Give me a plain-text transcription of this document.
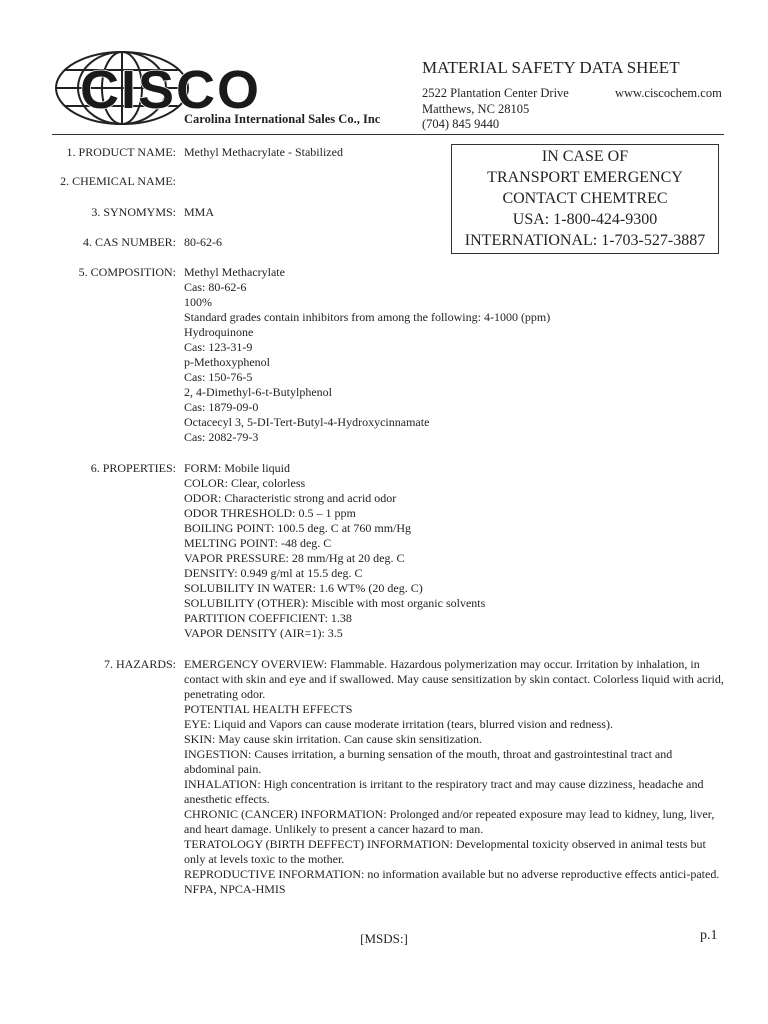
CISCO
Carolina International Sales Co., Inc
MATERIAL SAFETY DATA SHEET
2522 Plantation Center Drive
Matthews, NC 28105
(704) 845 9440
www.ciscochem.com
IN CASE OF
TRANSPORT EMERGENCY
CONTACT CHEMTREC
USA: 1-800-424-9300
INTERNATIONAL: 1-703-527-3887
1. PRODUCT NAME: Methyl Methacrylate - Stabilized
2. CHEMICAL NAME:
3. SYNOMYMS: MMA
4. CAS NUMBER: 80-62-6
5. COMPOSITION: Methyl Methacrylate
Cas: 80-62-6
100%
Standard grades contain inhibitors from among the following: 4-1000 (ppm)
Hydroquinone
Cas: 123-31-9
p-Methoxyphenol
Cas: 150-76-5
2, 4-Dimethyl-6-t-Butylphenol
Cas: 1879-09-0
Octacecyl 3, 5-DI-Tert-Butyl-4-Hydroxycinnamate
Cas: 2082-79-3
6. PROPERTIES: FORM: Mobile liquid
COLOR: Clear, colorless
ODOR: Characteristic strong and acrid odor
ODOR THRESHOLD: 0.5 – 1 ppm
BOILING POINT: 100.5 deg. C at 760 mm/Hg
MELTING POINT: -48 deg. C
VAPOR PRESSURE: 28 mm/Hg at 20 deg. C
DENSITY: 0.949 g/ml at 15.5 deg. C
SOLUBILITY IN WATER: 1.6 WT% (20 deg. C)
SOLUBILITY (OTHER): Miscible with most organic solvents
PARTITION COEFFICIENT: 1.38
VAPOR DENSITY (AIR=1): 3.5
7. HAZARDS: EMERGENCY OVERVIEW: Flammable. Hazardous polymerization may occur. Irritation by inhalation, in contact with skin and eye and if swallowed. May cause sensitization by skin contact. Colorless liquid with acrid, penetrating odor.
POTENTIAL HEALTH EFFECTS
EYE: Liquid and Vapors can cause moderate irritation (tears, blurred vision and redness).
SKIN: May cause skin irritation. Can cause skin sensitization.
INGESTION: Causes irritation, a burning sensation of the mouth, throat and gastrointestinal tract and abdominal pain.
INHALATION: High concentration is irritant to the respiratory tract and may cause dizziness, headache and anesthetic effects.
CHRONIC (CANCER) INFORMATION: Prolonged and/or repeated exposure may lead to kidney, lung, liver, and heart damage. Unlikely to present a cancer hazard to man.
TERATOLOGY (BIRTH DEFFECT) INFORMATION: Developmental toxicity observed in animal tests but only at levels toxic to the mother.
REPRODUCTIVE INFORMATION: no information available but no adverse reproductive effects antici-pated.
NFPA, NPCA-HMIS
[MSDS:]	p.1
